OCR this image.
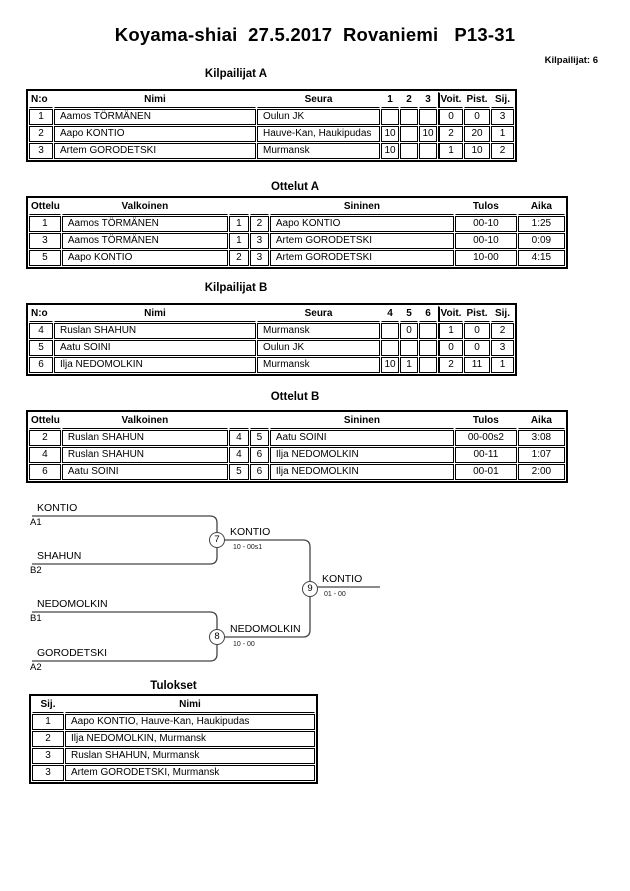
Koyama-shiai  27.5.2017  Rovaniemi   P13-31
Kilpailijat: 6
Kilpailijat A
N:o	Nimi	Seura	1	2	3	Voit.	Pist.	Sij.
1	Aamos TÖRMÄNEN	Oulun JK				0	0	3
2	Aapo KONTIO	Hauve-Kan, Haukipudas	10		10	2	20	1
3	Artem GORODETSKI	Murmansk	10			1	10	2
Ottelut A
Ottelu	Valkoinen			Sininen	Tulos	Aika
1	Aamos TÖRMÄNEN	1	2	Aapo KONTIO	00-10	1:25
3	Aamos TÖRMÄNEN	1	3	Artem GORODETSKI	00-10	0:09
5	Aapo KONTIO	2	3	Artem GORODETSKI	10-00	4:15
Kilpailijat B
N:o	Nimi	Seura	4	5	6	Voit.	Pist.	Sij.
4	Ruslan SHAHUN	Murmansk		0		1	0	2
5	Aatu SOINI	Oulun JK				0	0	3
6	Ilja NEDOMOLKIN	Murmansk	10	1		2	11	1
Ottelut B
Ottelu	Valkoinen			Sininen	Tulos	Aika
2	Ruslan SHAHUN	4	5	Aatu SOINI	00-00s2	3:08
4	Ruslan SHAHUN	4	6	Ilja NEDOMOLKIN	00-11	1:07
6	Aatu SOINI	5	6	Ilja NEDOMOLKIN	00-01	2:00
KONTIO
A1
SHAHUN
B2
NEDOMOLKIN
B1
GORODETSKI
A2
7
KONTIO
10 - 00s1
8
NEDOMOLKIN
10 - 00
9
KONTIO
01 - 00
Tulokset
Sij.	Nimi
1	Aapo KONTIO, Hauve-Kan, Haukipudas
2	Ilja NEDOMOLKIN, Murmansk
3	Ruslan SHAHUN, Murmansk
3	Artem GORODETSKI, Murmansk
